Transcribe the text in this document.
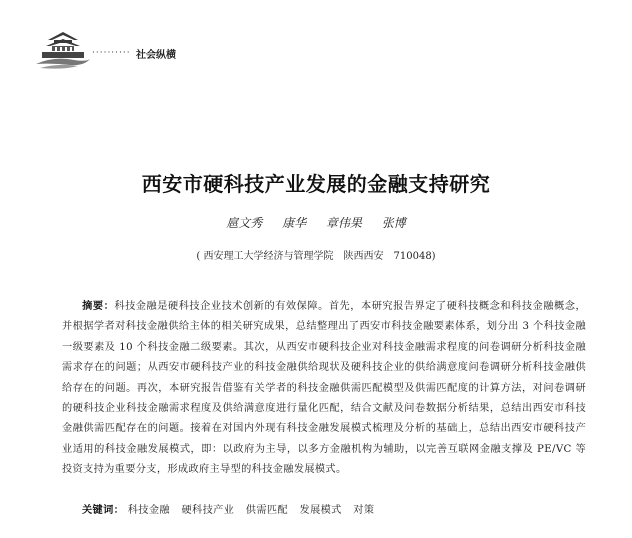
·········· 社会纵横
西安市硬科技产业发展的金融支持研究
扈文秀 康华 章伟果 张博
( 西安理工大学经济与管理学院　陕西西安　710048)
摘要：科技金融是硬科技企业技术创新的有效保障。首先，本研究报告界定了硬科技概念和科技金融概念，并根据学者对科技金融供给主体的相关研究成果，总结整理出了西安市科技金融要素体系，划分出 3 个科技金融一级要素及 10 个科技金融二级要素。其次，从西安市硬科技企业对科技金融需求程度的问卷调研分析科技金融需求存在的问题；从西安市硬科技产业的科技金融供给现状及硬科技企业的供给满意度问卷调研分析科技金融供给存在的问题。再次，本研究报告借鉴有关学者的科技金融供需匹配模型及供需匹配度的计算方法，对问卷调研的硬科技企业科技金融需求程度及供给满意度进行量化匹配，结合文献及问卷数据分析结果，总结出西安市科技金融供需匹配存在的问题。接着在对国内外现有科技金融发展模式梳理及分析的基础上，总结出西安市硬科技产业适用的科技金融发展模式，即：以政府为主导，以多方金融机构为辅助，以完善互联网金融支撑及 PE/VC 等投资支持为重要分支，形成政府主导型的科技金融发展模式。
关键词： 科技金融 硬科技产业 供需匹配 发展模式 对策
